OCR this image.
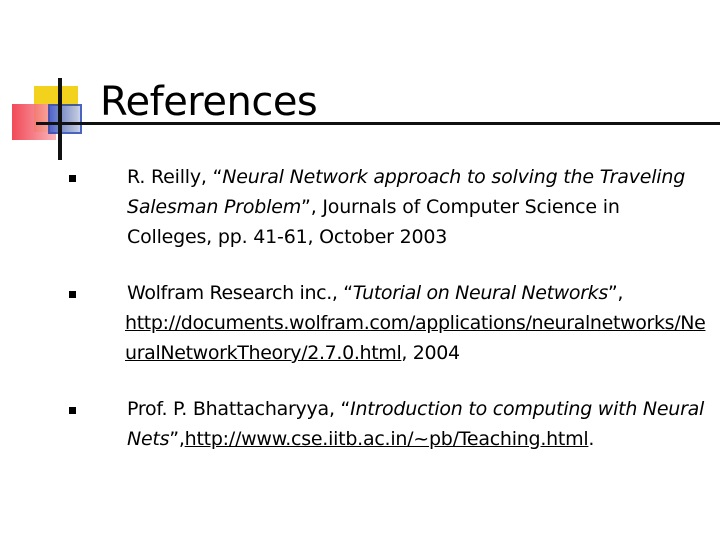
References
R. Reilly, “Neural Network approach to solving the Traveling Salesman Problem”, Journals of Computer Science in Colleges, pp. 41-61, October 2003
Wolfram Research inc., “Tutorial on Neural Networks”,
http://documents.wolfram.com/applications/neuralnetworks/NeuralNetworkTheory/2.7.0.html, 2004
Prof. P. Bhattacharyya, “Introduction to computing with Neural Nets”,http://www.cse.iitb.ac.in/~pb/Teaching.html.
